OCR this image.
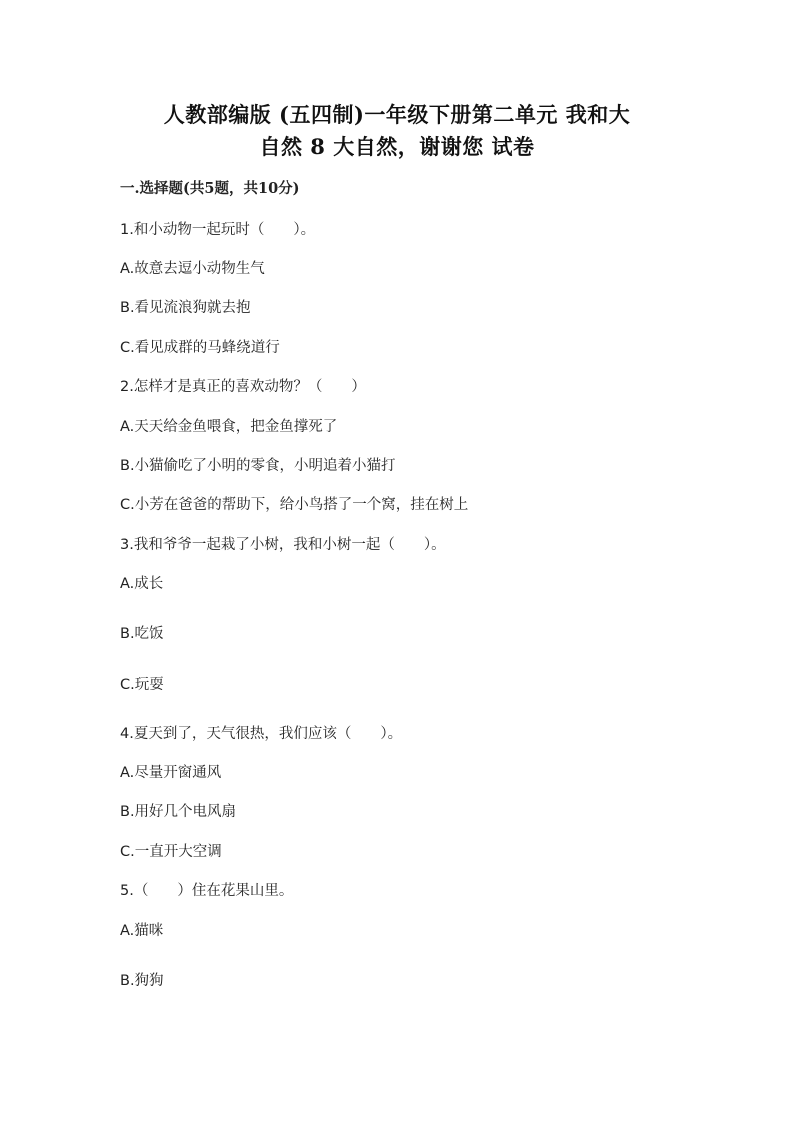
人教部编版 (五四制)一年级下册第二单元 我和大
自然 8 大自然，谢谢您 试卷
一.选择题(共5题，共10分)
1.和小动物一起玩时（　　）。
A.故意去逗小动物生气
B.看见流浪狗就去抱
C.看见成群的马蜂绕道行
2.怎样才是真正的喜欢动物？（　　）
A.天天给金鱼喂食，把金鱼撑死了
B.小猫偷吃了小明的零食，小明追着小猫打
C.小芳在爸爸的帮助下，给小鸟搭了一个窝，挂在树上
3.我和爷爷一起栽了小树，我和小树一起（　　）。
A.成长
B.吃饭
C.玩耍
4.夏天到了，天气很热，我们应该（　　）。
A.尽量开窗通风
B.用好几个电风扇
C.一直开大空调
5.（　　）住在花果山里。
A.猫咪
B.狗狗
